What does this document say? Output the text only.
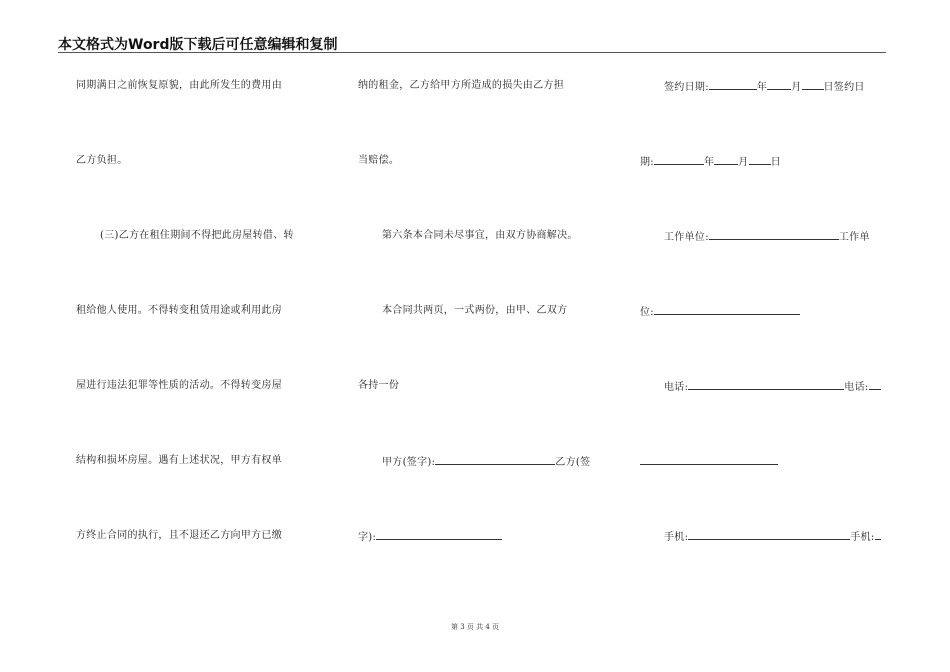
本文格式为Word版下载后可任意编辑和复制
同期满日之前恢复原貌，由此所发生的费用由
乙方负担。
(三)乙方在租住期间不得把此房屋转借、转
租给他人使用。不得转变租赁用途或利用此房
屋进行违法犯罪等性质的活动。不得转变房屋
结构和损坏房屋。遇有上述状况，甲方有权单
方终止合同的执行，且不退还乙方向甲方已缴
纳的租金，乙方给甲方所造成的损失由乙方担
当赔偿。
第六条本合同未尽事宜，由双方协商解决。
本合同共两页，一式两份，由甲、乙双方
各持一份
甲方(签字):	乙方(签
字):
签约日期:	年 月 日签约日
期:	年 月 日
工作单位:	工作单
位:
电话:	电话:
手机:	手机:
第 3 页 共 4 页
